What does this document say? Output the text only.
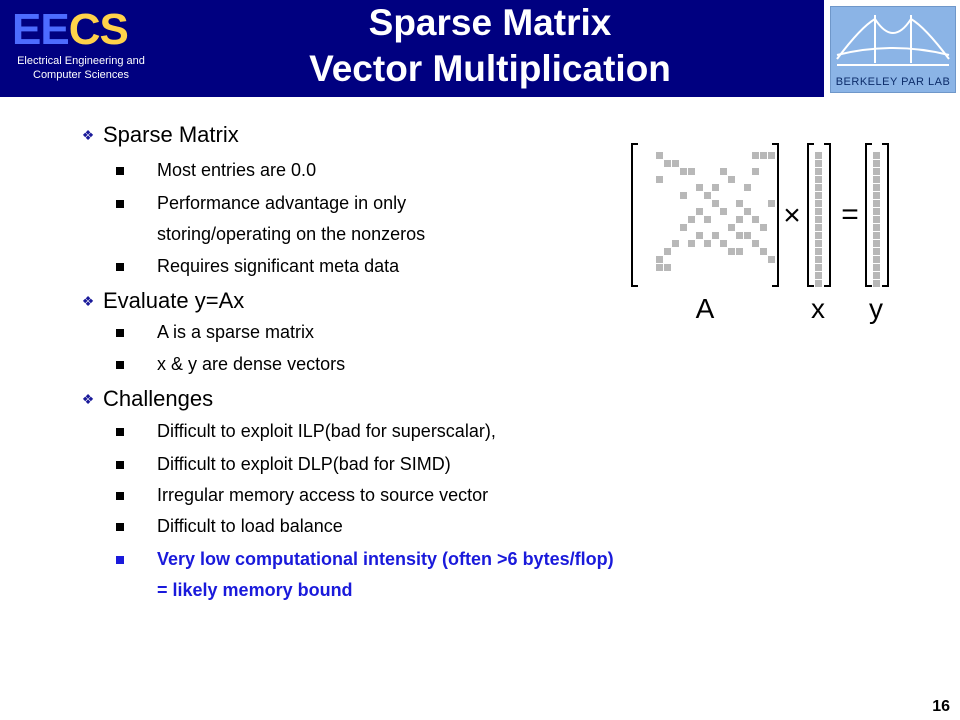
EECS
Electrical Engineering and
Computer Sciences
Sparse Matrix
Vector Multiplication	BERKELEY PAR LAB
❖ Sparse Matrix
Most entries are 0.0
Performance advantage in only
storing/operating on the nonzeros
Requires significant meta data
❖ Evaluate y=Ax
A is a sparse matrix
x & y are dense vectors
❖ Challenges
Difficult to exploit ILP(bad for superscalar),
Difficult to exploit DLP(bad for SIMD)
Irregular memory access to source vector
Difficult to load balance
Very low computational intensity (often >6 bytes/flop)
= likely memory bound
× =
A	x y
16
